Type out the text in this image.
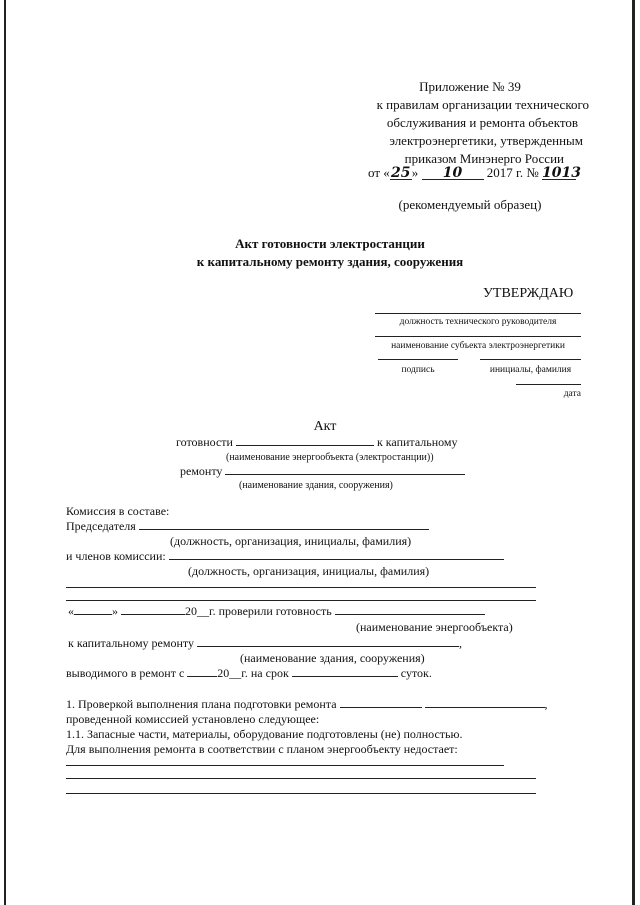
Приложение № 39
к правилам организации технического
обслуживания и ремонта объектов
электроэнергетики, утвержденным
приказом Минэнерго России
от «25» 10 2017 г. № 1013
(рекомендуемый образец)
Акт готовности электростанции
к капитальному ремонту здания, сооружения
УТВЕРЖДАЮ
должность технического руководителя
наименование субъекта электроэнергетики
подпись	инициалы, фамилия
дата
Акт
готовности	к капитальному
(наименование энергообъекта (электростанции))
ремонту
(наименование здания, сооружения)
Комиссия в составе:
Председателя
(должность, организация, инициалы, фамилия)
и членов комиссии:
(должность, организация, инициалы, фамилия)
«	»	20__г. проверили готовность
(наименование энергообъекта)
к капитальному ремонту	,
(наименование здания, сооружения)
выводимого в ремонт с	20__г. на срок	суток.
1. Проверкой выполнения плана подготовки ремонта	,
проведенной комиссией установлено следующее:
1.1. Запасные части, материалы, оборудование подготовлены (не) полностью.
Для выполнения ремонта в соответствии с планом энергообъекту недостает:
